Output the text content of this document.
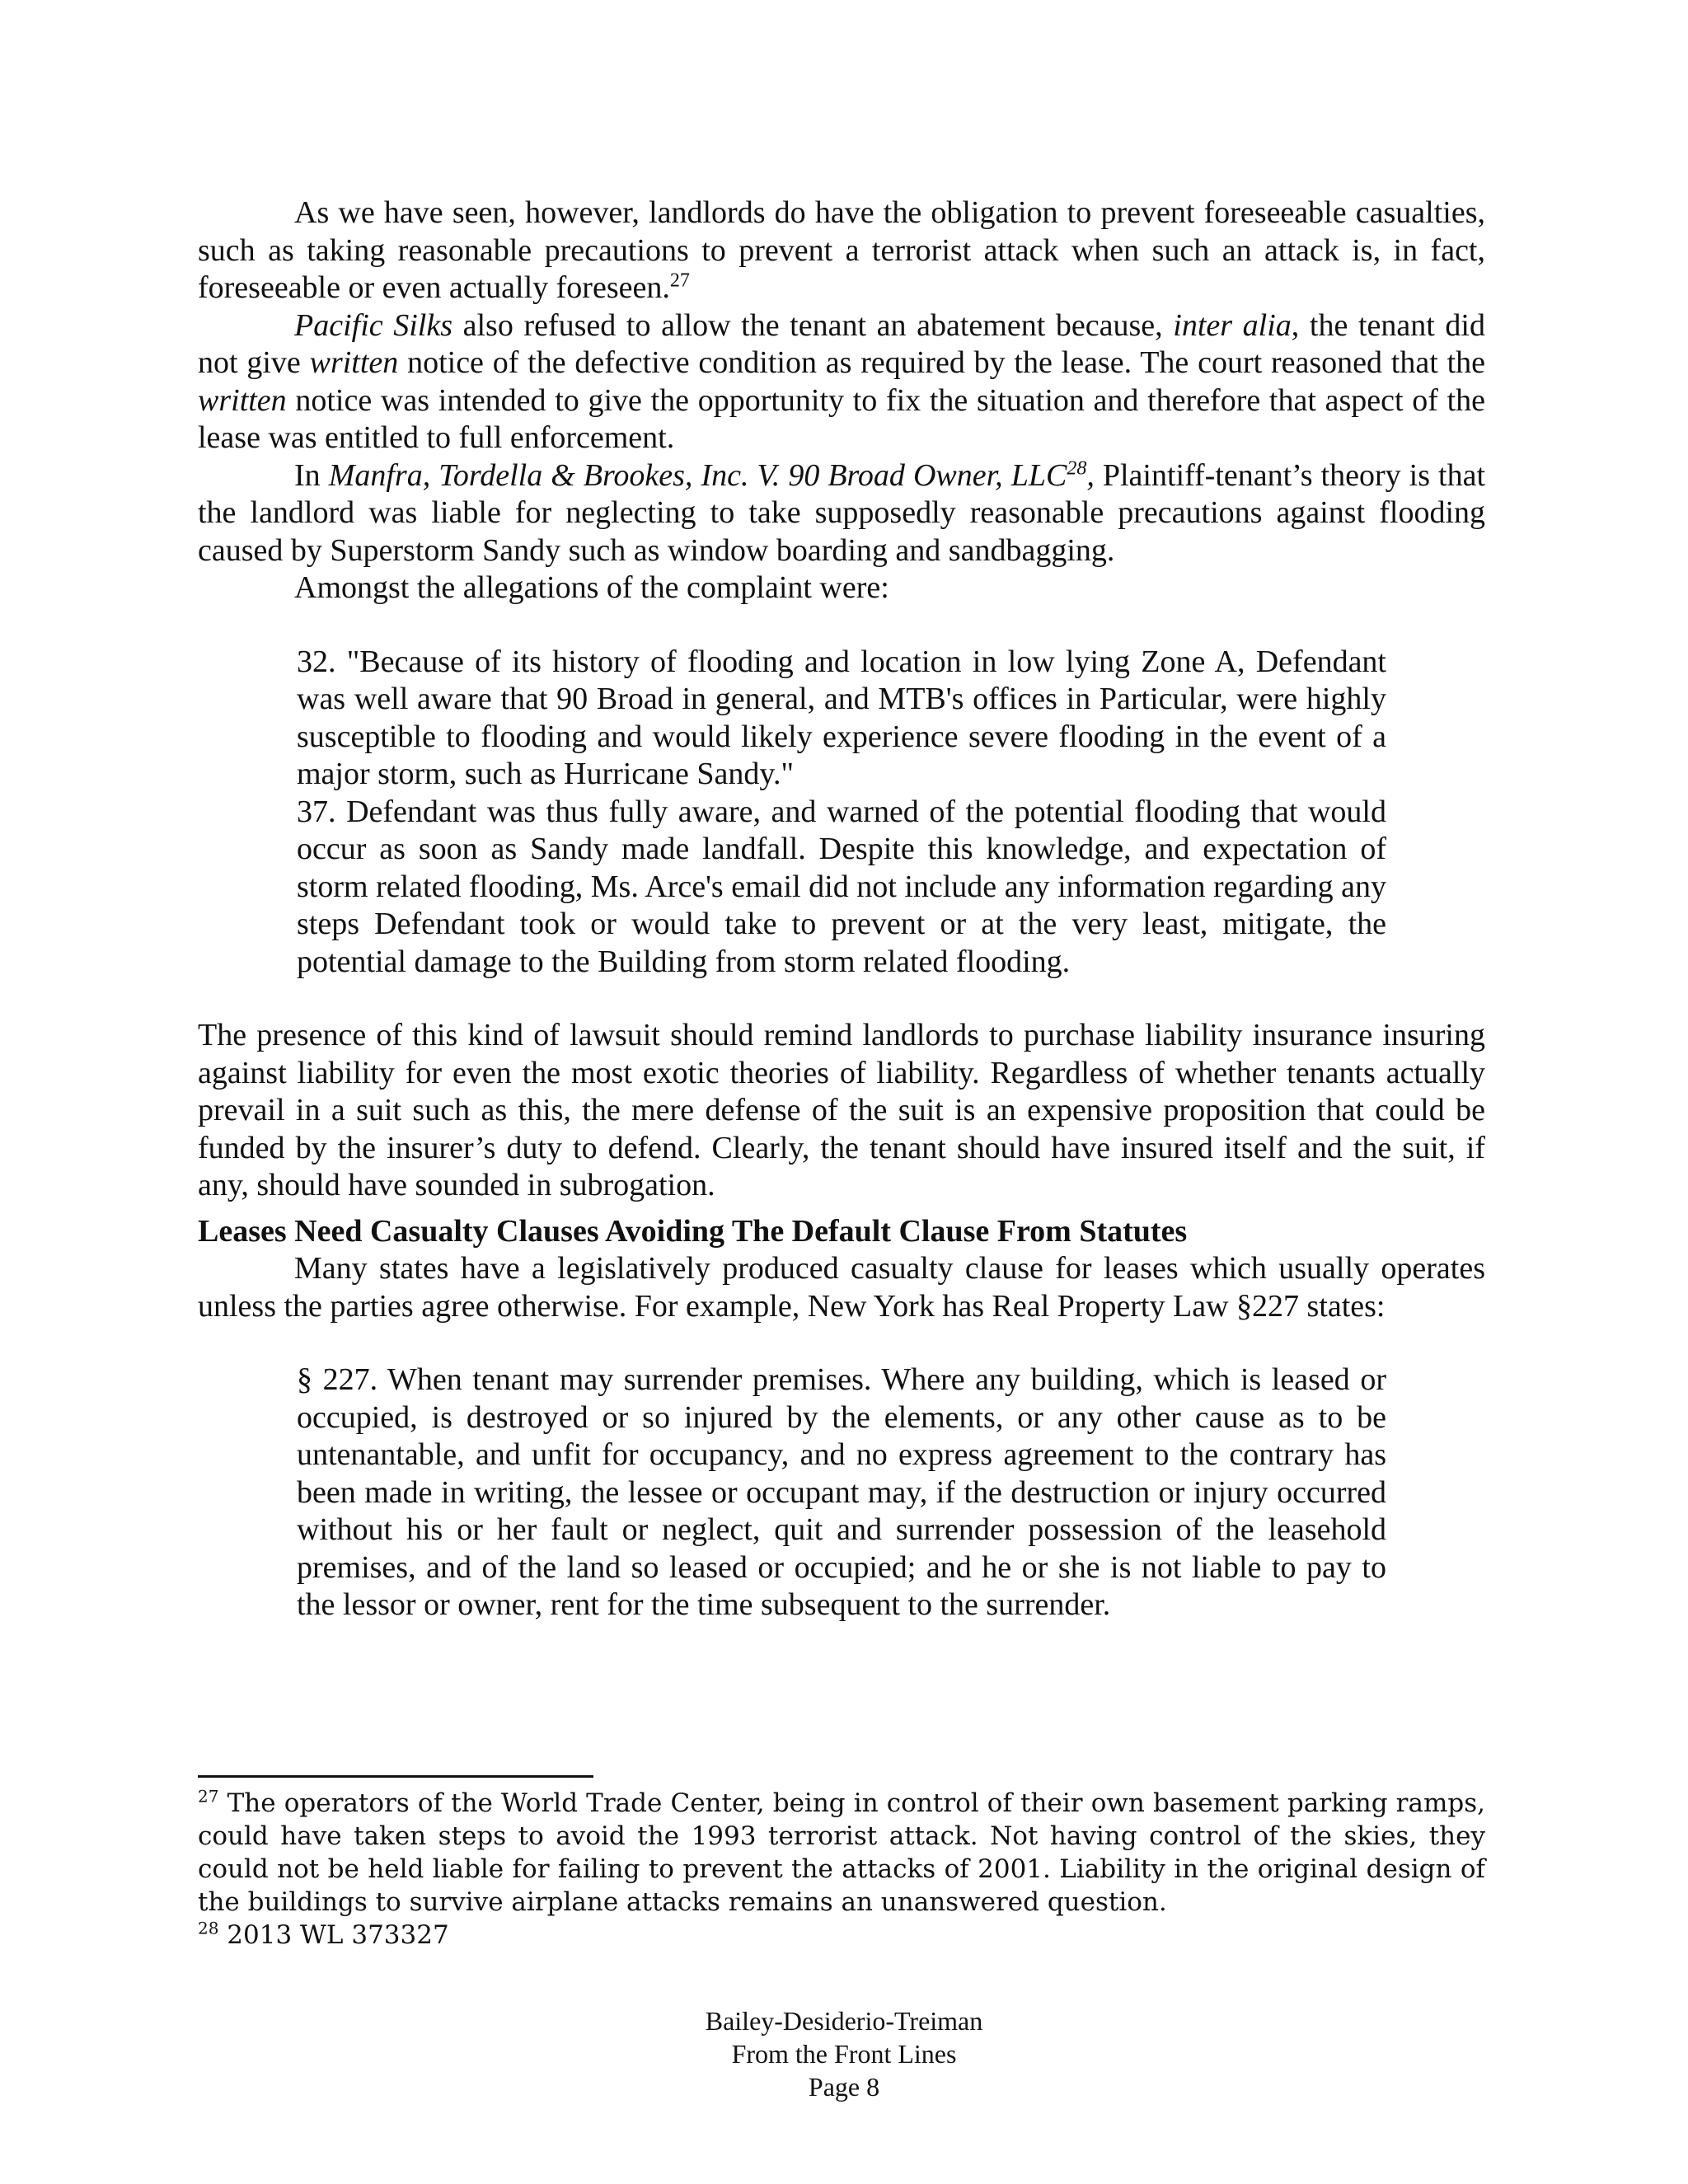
As we have seen, however, landlords do have the obligation to prevent foreseeable casualties, such as taking reasonable precautions to prevent a terrorist attack when such an attack is, in fact, foreseeable or even actually foreseen.$^{27}$

Pacific Silks also refused to allow the tenant an abatement because, inter alia, the tenant did not give written notice of the defective condition as required by the lease. The court reasoned that the written notice was intended to give the opportunity to fix the situation and therefore that aspect of the lease was entitled to full enforcement.

In Manfra, Tordella & Brookes, Inc. V. 90 Broad Owner, LLC$^{28}$, Plaintiff-tenant’s theory is that the landlord was liable for neglecting to take supposedly reasonable precautions against flooding caused by Superstorm Sandy such as window boarding and sandbagging.

Amongst the allegations of the complaint were:

32. "Because of its history of flooding and location in low lying Zone A, Defendant was well aware that 90 Broad in general, and MTB's offices in Particular, were highly susceptible to flooding and would likely experience severe flooding in the event of a major storm, such as Hurricane Sandy."

37. Defendant was thus fully aware, and warned of the potential flooding that would occur as soon as Sandy made landfall. Despite this knowledge, and expectation of storm related flooding, Ms. Arce's email did not include any information regarding any steps Defendant took or would take to prevent or at the very least, mitigate, the potential damage to the Building from storm related flooding.

The presence of this kind of lawsuit should remind landlords to purchase liability insurance insuring against liability for even the most exotic theories of liability. Regardless of whether tenants actually prevail in a suit such as this, the mere defense of the suit is an expensive proposition that could be funded by the insurer’s duty to defend. Clearly, the tenant should have insured itself and the suit, if any, should have sounded in subrogation.

Leases Need Casualty Clauses Avoiding The Default Clause From Statutes

Many states have a legislatively produced casualty clause for leases which usually operates unless the parties agree otherwise. For example, New York has Real Property Law §227 states:

§ 227. When tenant may surrender premises. Where any building, which is leased or occupied, is destroyed or so injured by the elements, or any other cause as to be untenantable, and unfit for occupancy, and no express agreement to the contrary has been made in writing, the lessee or occupant may, if the destruction or injury occurred without his or her fault or neglect, quit and surrender possession of the leasehold premises, and of the land so leased or occupied; and he or she is not liable to pay to the lessor or owner, rent for the time subsequent to the surrender.

$^{27}$ The operators of the World Trade Center, being in control of their own basement parking ramps, could have taken steps to avoid the 1993 terrorist attack. Not having control of the skies, they could not be held liable for failing to prevent the attacks of 2001. Liability in the original design of the buildings to survive airplane attacks remains an unanswered question.

$^{28}$ 2013 WL 373327

Bailey-Desiderio-Treiman
From the Front Lines
Page 8
